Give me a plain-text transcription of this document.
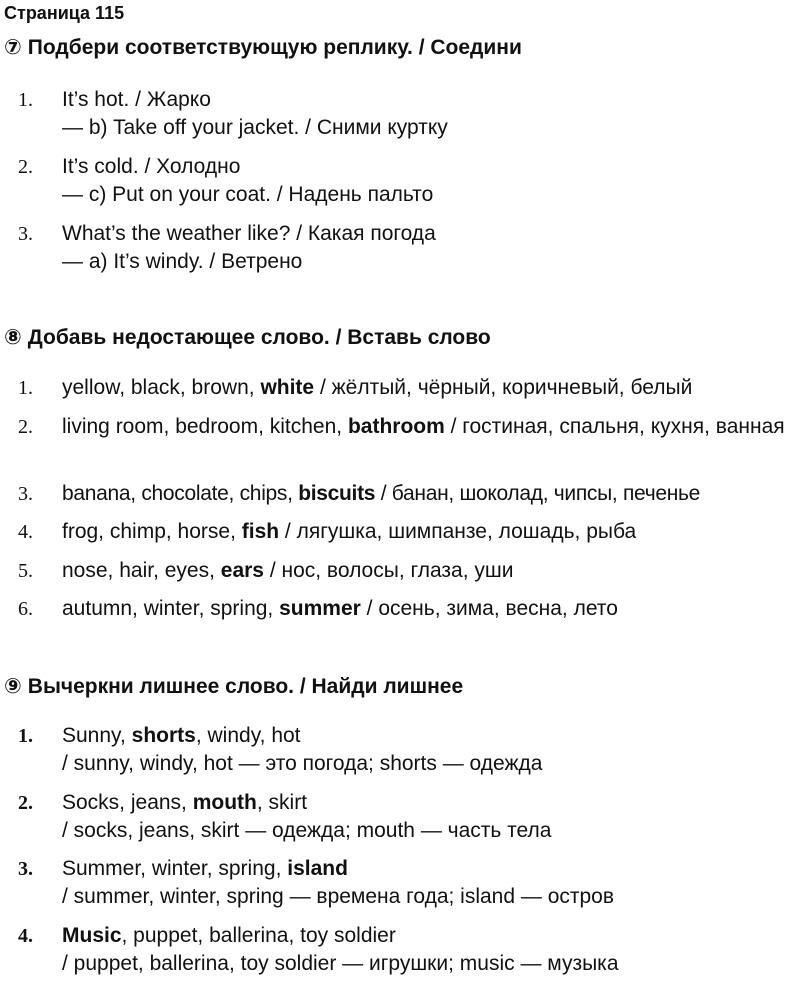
Страница 115
⑦ Подбери соответствующую реплику. / Соедини
1. It’s hot. / Жарко
— b) Take off your jacket. / Сними куртку
2. It’s cold. / Холодно
— c) Put on your coat. / Надень пальто
3. What’s the weather like? / Какая погода
— a) It’s windy. / Ветрено
⑧ Добавь недостающее слово. / Вставь слово
1. yellow, black, brown, white / жёлтый, чёрный, коричневый, белый
2. living room, bedroom, kitchen, bathroom / гостиная, спальня, кухня, ванная
3. banana, chocolate, chips, biscuits / банан, шоколад, чипсы, печенье
4. frog, chimp, horse, fish / лягушка, шимпанзе, лошадь, рыба
5. nose, hair, eyes, ears / нос, волосы, глаза, уши
6. autumn, winter, spring, summer / осень, зима, весна, лето
⑨ Вычеркни лишнее слово. / Найди лишнее
1. Sunny, shorts, windy, hot
/ sunny, windy, hot — это погода; shorts — одежда
2. Socks, jeans, mouth, skirt
/ socks, jeans, skirt — одежда; mouth — часть тела
3. Summer, winter, spring, island
/ summer, winter, spring — времена года; island — остров
4. Music, puppet, ballerina, toy soldier
/ puppet, ballerina, toy soldier — игрушки; music — музыка
